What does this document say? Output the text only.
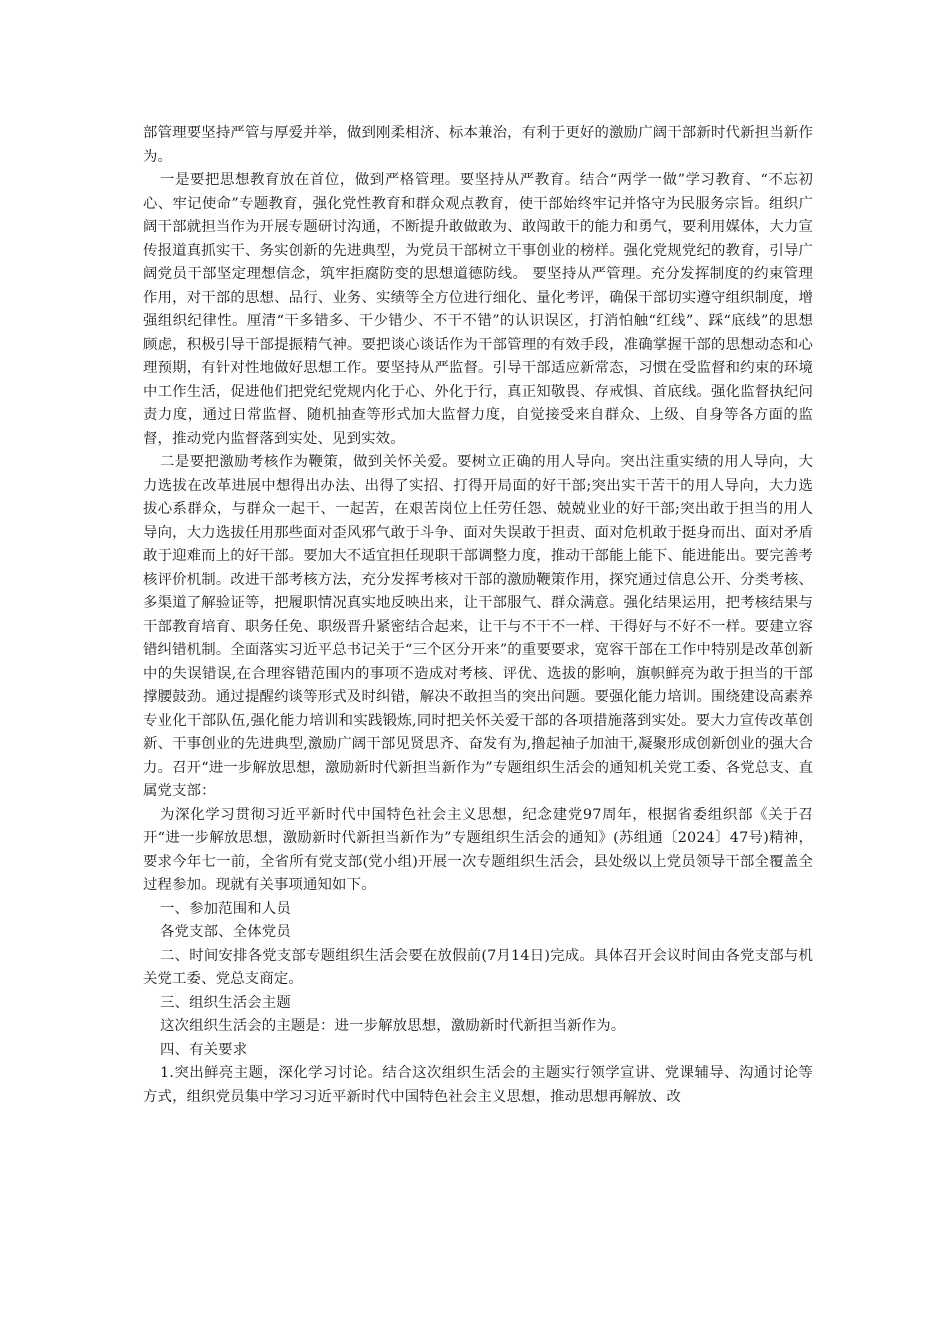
部管理要坚持严管与厚爱并举，做到刚柔相济、标本兼治，有利于更好的激励广阔干部新时代新担当新作为。

一是要把思想教育放在首位，做到严格管理。要坚持从严教育。结合“两学一做”学习教育、“不忘初心、牢记使命”专题教育，强化党性教育和群众观点教育，使干部始终牢记并恪守为民服务宗旨。组织广阔干部就担当作为开展专题研讨沟通，不断提升敢做敢为、敢闯敢干的能力和勇气，要利用媒体，大力宣传报道真抓实干、务实创新的先进典型，为党员干部树立干事创业的榜样。强化党规党纪的教育，引导广阔党员干部坚定理想信念，筑牢拒腐防变的思想道德防线。 要坚持从严管理。充分发挥制度的约束管理作用，对干部的思想、品行、业务、实绩等全方位进行细化、量化考评，确保干部切实遵守组织制度，增强组织纪律性。厘清“干多错多、干少错少、不干不错”的认识误区，打消怕触“红线”、踩“底线”的思想顾虑，积极引导干部提振精气神。要把谈心谈话作为干部管理的有效手段，准确掌握干部的思想动态和心理预期，有针对性地做好思想工作。要坚持从严监督。引导干部适应新常态，习惯在受监督和约束的环境中工作生活，促进他们把党纪党规内化于心、外化于行，真正知敬畏、存戒惧、首底线。强化监督执纪问责力度，通过日常监督、随机抽查等形式加大监督力度，自觉接受来自群众、上级、自身等各方面的监督，推动党内监督落到实处、见到实效。

二是要把激励考核作为鞭策，做到关怀关爱。要树立正确的用人导向。突出注重实绩的用人导向，大力选拔在改革进展中想得出办法、出得了实招、打得开局面的好干部;突出实干苦干的用人导向，大力选拔心系群众，与群众一起干、一起苦，在艰苦岗位上任劳任怨、兢兢业业的好干部;突出敢于担当的用人导向，大力选拔任用那些面对歪风邪气敢于斗争、面对失误敢于担责、面对危机敢于挺身而出、面对矛盾敢于迎难而上的好干部。要加大不适宜担任现职干部调整力度，推动干部能上能下、能进能出。要完善考核评价机制。改进干部考核方法，充分发挥考核对干部的激励鞭策作用，探究通过信息公开、分类考核、多渠道了解验证等，把履职情况真实地反映出来，让干部服气、群众满意。强化结果运用，把考核结果与干部教育培育、职务任免、职级晋升紧密结合起来，让干与不干不一样、干得好与不好不一样。要建立容错纠错机制。全面落实习近平总书记关于“三个区分开来”的重要要求，宽容干部在工作中特别是改革创新中的失误错误,在合理容错范围内的事项不造成对考核、评优、选拔的影响，旗帜鲜亮为敢于担当的干部撑腰鼓劲。通过提醒约谈等形式及时纠错，解决不敢担当的突出问题。要强化能力培训。围绕建设高素养专业化干部队伍,强化能力培训和实践锻炼,同时把关怀关爱干部的各项措施落到实处。要大力宣传改革创新、干事创业的先进典型,激励广阔干部见贤思齐、奋发有为,撸起袖子加油干,凝聚形成创新创业的强大合力。召开“进一步解放思想，激励新时代新担当新作为”专题组织生活会的通知机关党工委、各党总支、直属党支部：

为深化学习贯彻习近平新时代中国特色社会主义思想，纪念建党97周年，根据省委组织部《关于召开“进一步解放思想，激励新时代新担当新作为”专题组织生活会的通知》(苏组通〔2024〕47号)精神，要求今年七一前，全省所有党支部(党小组)开展一次专题组织生活会，县处级以上党员领导干部全覆盖全过程参加。现就有关事项通知如下。

一、参加范围和人员

各党支部、全体党员

二、时间安排各党支部专题组织生活会要在放假前(7月14日)完成。具体召开会议时间由各党支部与机关党工委、党总支商定。

三、组织生活会主题

这次组织生活会的主题是：进一步解放思想，激励新时代新担当新作为。

四、有关要求

1.突出鲜亮主题，深化学习讨论。结合这次组织生活会的主题实行领学宣讲、党课辅导、沟通讨论等方式，组织党员集中学习习近平新时代中国特色社会主义思想，推动思想再解放、改
